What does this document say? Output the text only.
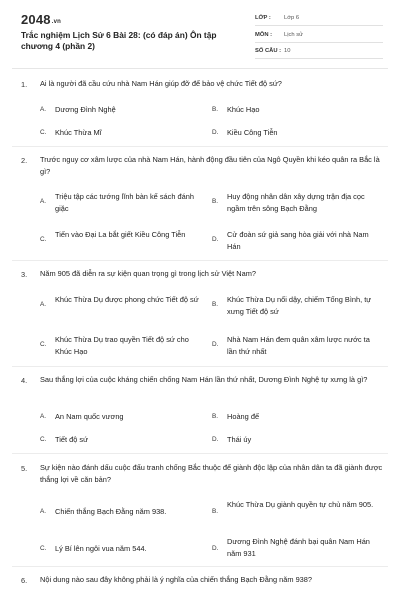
2048.vn
Trắc nghiệm Lịch Sử 6 Bài 28: (có đáp án) Ôn tập chương 4 (phần 2)
LỚP : Lớp 6
MÔN : Lịch sử
SỐ CÂU : 10
1. Ai là người đã cầu cứu nhà Nam Hán giúp đỡ để bảo vệ chức Tiết độ sứ?
A. Dương Đình Nghệ	B. Khúc Hạo
C. Khúc Thừa Mĩ	D. Kiều Công Tiễn
2. Trước nguy cơ xâm lược của nhà Nam Hán, hành động đầu tiên của Ngô Quyền khi kéo quân ra Bắc là gì?
A.
Triệu tập các tướng lĩnh bàn kế sách đánh giặc
B.
Huy động nhân dân xây dựng trận địa cọc ngầm trên sông Bạch Đằng
C.
Tiến vào Đại La bắt giết Kiều Công Tiễn
D.
Cử đoàn sứ giả sang hòa giải với nhà Nam Hán
3. Năm 905 đã diễn ra sự kiện quan trọng gì trong lịch sử Việt Nam?
A.
Khúc Thừa Dụ được phong chức Tiết độ sứ
B.
Khúc Thừa Dụ nổi dậy, chiếm Tống Bình, tự xưng Tiết độ sứ
C.
Khúc Thừa Dụ trao quyền Tiết độ sứ cho Khúc Hạo
D.
Nhà Nam Hán đem quân xâm lược nước ta lần thứ nhất
4. Sau thắng lợi của cuộc kháng chiến chống Nam Hán lần thứ nhất, Dương Đình Nghệ tự xưng là gì?
A. An Nam quốc vương	B. Hoàng đế
C. Tiết độ sứ	D. Thái úy
5. Sự kiện nào đánh dấu cuộc đấu tranh chống Bắc thuộc để giành độc lập của nhân dân ta đã giành được thắng lợi về căn bản?
A. Chiến thắng Bạch Đằng năm 938.	B.
Khúc Thừa Dụ giành quyền tự chủ năm 905.
C. Lý Bí lên ngôi vua năm 544.	D.
Dương Đình Nghệ đánh bại quân Nam Hán năm 931
6. Nội dung nào sau đây không phải là ý nghĩa của chiến thắng Bạch Đằng năm 938?
